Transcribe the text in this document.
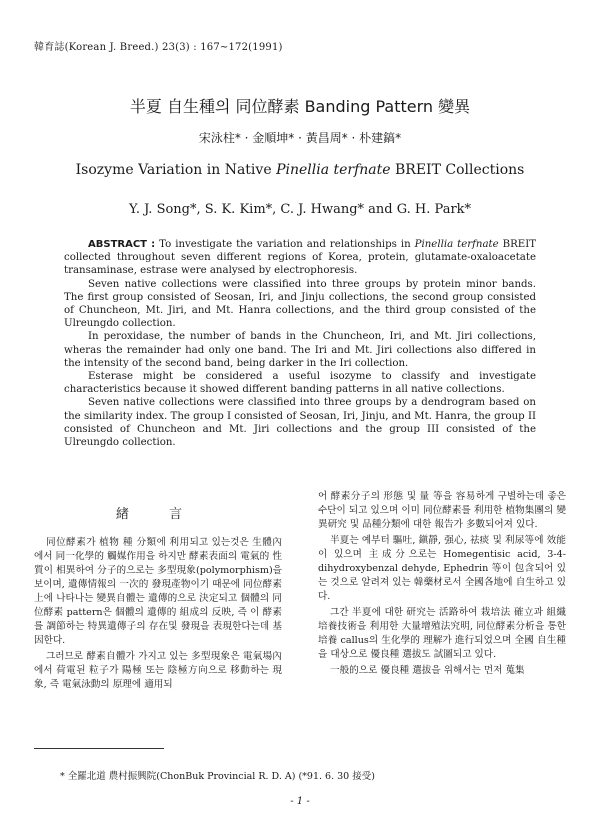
韓育誌(Korean J. Breed.) 23(3) : 167∼172(1991)
半夏 自生種의 同位酵素 Banding Pattern 變異
宋泳柱* · 金順坤* · 黃昌周* · 朴建鎬*
Isozyme Variation in Native Pinellia terfnate BREIT Collections
Y. J. Song*, S. K. Kim*, C. J. Hwang* and G. H. Park*

ABSTRACT : To investigate the variation and relationships in Pinellia terfnate BREIT collected throughout seven different regions of Korea, protein, glutamate-oxaloacetate transaminase, estrase were analysed by electrophoresis.

Seven native collections were classified into three groups by protein minor bands. The first group consisted of Seosan, Iri, and Jinju collections, the second group consisted of Chuncheon, Mt. Jiri, and Mt. Hanra collections, and the third group consisted of the Ulreungdo collection.

In peroxidase, the number of bands in the Chuncheon, Iri, and Mt. Jiri collections, wheras the remainder had only one band. The Iri and Mt. Jiri collections also differed in the intensity of the second band, being darker in the Iri collection.

Esterase might be considered a useful isozyme to classify and investigate characteristics because it showed different banding patterns in all native collections.

Seven native collections were classified into three groups by a dendrogram based on the similarity index. The group I consisted of Seosan, Iri, Jinju, and Mt. Hanra, the group II consisted of Chuncheon and Mt. Jiri collections and the group III consisted of the Ulreungdo collection.

緖 言

同位酵素가 植物 種 分類에 利用되고 있는것은 生體內에서 同一化學的 觸媒作用을 하지만 酵素表面의 電氣的 性質이 相異하여 分子的으로는 多型現象(polymorphism)을 보이며, 遺傳情報의 一次的 發現產物이기 때문에 同位酵素上에 나타나는 變異自體는 遺傳的으로 決定되고 個體의 同位酵素 pattern은 個體의 遺傳的 組成의 反映, 즉 이 酵素를 調節하는 特異遺傳子의 存在및 發現을 表現한다는데 基因한다.

그러므로 酵素自體가 가지고 있는 多型現象은 電氣場內에서 荷電된 粒子가 陽極 또는 陰極方向으로 移動하는 現象, 즉 電氣泳動의 原理에 適用되

어 酵素分子의 形態 및 量 等을 容易하게 구별하는데 좋은 수단이 되고 있으며 이미 同位酵素를 利用한 植物集團의 變異研究 및 品種分類에 대한 報告가 多數되어져 있다.

半夏는 예부터 驅吐, 鎭靜, 强心, 祛痰 및 利尿等에 效能이 있으며 主成分으로는 Homegentisic acid, 3-4-dihydroxybenzal dehyde, Ephedrin 等이 包含되어 있는 것으로 알려져 있는 韓藥材로서 全國各地에 自生하고 있다.

그간 半夏에 대한 研究는 活路하여 栽培法 確立과 組織培養技術을 利用한 大量增殖法究明, 同位酵素分析을 통한 培養 callus의 生化學的 理解가 進行되었으며 全國 自生種을 대상으로 優良種 選拔도 試圖되고 있다.

一般的으로 優良種 選拔을 위해서는 먼저 蒐集

* 全羅北道 農村振興院(ChonBuk Provincial R. D. A) (*91. 6. 30 接受)
- 1 -
